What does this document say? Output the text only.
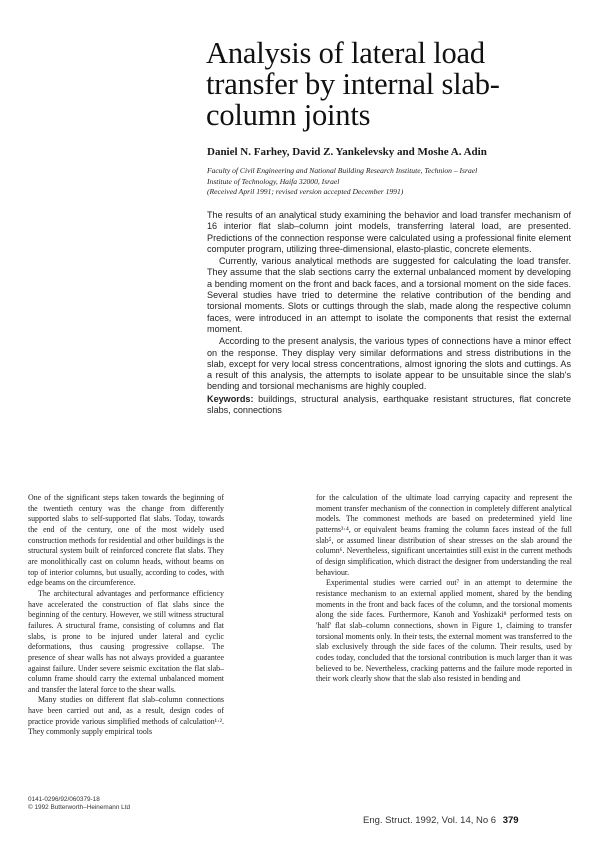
Analysis of lateral load
transfer by internal slab-
column joints
Daniel N. Farhey, David Z. Yankelevsky and Moshe A. Adin
Faculty of Civil Engineering and National Building Research Institute, Technion – Israel
Institute of Technology, Haifa 32000, Israel
(Received April 1991; revised version accepted December 1991)

The results of an analytical study examining the behavior and load transfer mechanism of 16 interior flat slab–column joint models, transferring lateral load, are presented. Predictions of the connection response were calculated using a professional finite element computer program, utilizing three-dimensional, elasto-plastic, concrete elements.

Currently, various analytical methods are suggested for calculating the load transfer. They assume that the slab sections carry the external unbalanced moment by developing a bending moment on the front and back faces, and a torsional moment on the side faces. Several studies have tried to determine the relative contribution of the bending and torsional moments. Slots or cuttings through the slab, made along the respective column faces, were introduced in an attempt to isolate the components that resist the external moment.

According to the present analysis, the various types of connections have a minor effect on the response. They display very similar deformations and stress distributions in the slab, except for very local stress concentrations, almost ignoring the slots and cuttings. As a result of this analysis, the attempts to isolate appear to be unsuitable since the slab's bending and torsional mechanisms are highly coupled.

Keywords: buildings, structural analysis, earthquake resistant structures, flat concrete slabs, connections

One of the significant steps taken towards the beginning of the twentieth century was the change from differently supported slabs to self-supported flat slabs. Today, towards the end of the century, one of the most widely used construction methods for residential and other buildings is the structural system built of reinforced concrete flat slabs. They are monolithically cast on column heads, without beams on top of interior columns, but usually, according to codes, with edge beams on the circumference.

The architectural advantages and performance efficiency have accelerated the construction of flat slabs since the beginning of the century. However, we still witness structural failures. A structural frame, consisting of columns and flat slabs, is prone to be injured under lateral and cyclic deformations, thus causing progressive collapse. The presence of shear walls has not always provided a guarantee against failure. Under severe seismic excitation the flat slab–column frame should carry the external unbalanced moment and transfer the lateral force to the shear walls.

Many studies on different flat slab–column connections have been carried out and, as a result, design codes of practice provide various simplified methods of calculation¹·². They commonly supply empirical tools

for the calculation of the ultimate load carrying capacity and represent the moment transfer mechanism of the connection in completely different analytical models. The commonest methods are based on predetermined yield line patterns³·⁴, or equivalent beams framing the column faces instead of the full slab⁵, or assumed linear distribution of shear stresses on the slab around the column⁶. Nevertheless, significant uncertainties still exist in the current methods of design simplification, which distract the designer from understanding the real behaviour.

Experimental studies were carried out⁷ in an attempt to determine the resistance mechanism to an external applied moment, shared by the bending moments in the front and back faces of the column, and the torsional moments along the side faces. Furthermore, Kanoh and Yoshizaki⁸ performed tests on 'half' flat slab–column connections, shown in Figure 1, claiming to transfer torsional moments only. In their tests, the external moment was transferred to the slab exclusively through the side faces of the column. Their results, used by codes today, concluded that the torsional contribution is much larger than it was believed to be. Nevertheless, cracking patterns and the failure mode reported in their work clearly show that the slab also resisted in bending and

0141-0296/92/060379-18
© 1992 Butterworth–Heinemann Ltd
Eng. Struct. 1992, Vol. 14, No 6 379
